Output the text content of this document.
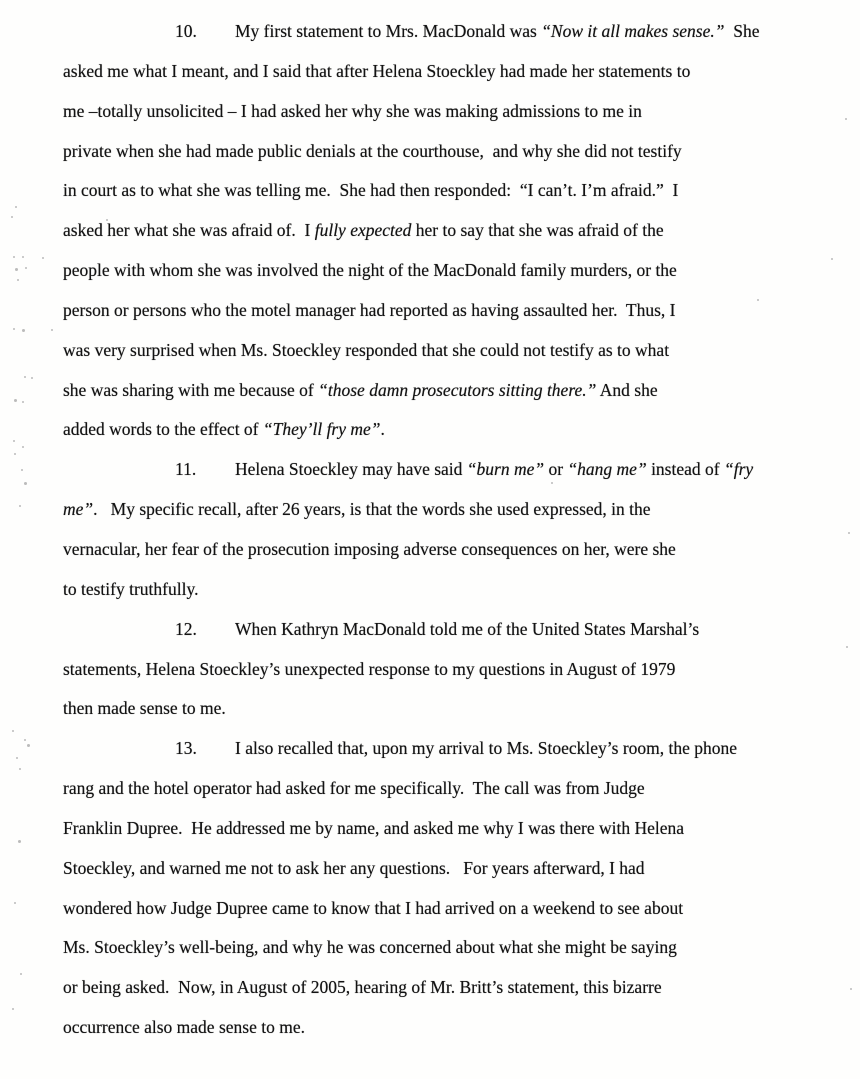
10. My first statement to Mrs. MacDonald was “Now it all makes sense.”  She
asked me what I meant, and I said that after Helena Stoeckley had made her statements to
me –totally unsolicited – I had asked her why she was making admissions to me in
private when she had made public denials at the courthouse,  and why she did not testify
in court as to what she was telling me.  She had then responded:  “I can’t. I’m afraid.”  I
asked her what she was afraid of.  I fully expected her to say that she was afraid of the
people with whom she was involved the night of the MacDonald family murders, or the
person or persons who the motel manager had reported as having assaulted her.  Thus, I
was very surprised when Ms. Stoeckley responded that she could not testify as to what
she was sharing with me because of “those damn prosecutors sitting there.” And she
added words to the effect of “They’ll fry me”.
11. Helena Stoeckley may have said “burn me” or “hang me” instead of “fry
me”.   My specific recall, after 26 years, is that the words she used expressed, in the
vernacular, her fear of the prosecution imposing adverse consequences on her, were she
to testify truthfully.
12. When Kathryn MacDonald told me of the United States Marshal’s
statements, Helena Stoeckley’s unexpected response to my questions in August of 1979
then made sense to me.
13. I also recalled that, upon my arrival to Ms. Stoeckley’s room, the phone
rang and the hotel operator had asked for me specifically.  The call was from Judge
Franklin Dupree.  He addressed me by name, and asked me why I was there with Helena
Stoeckley, and warned me not to ask her any questions.   For years afterward, I had
wondered how Judge Dupree came to know that I had arrived on a weekend to see about
Ms. Stoeckley’s well-being, and why he was concerned about what she might be saying
or being asked.  Now, in August of 2005, hearing of Mr. Britt’s statement, this bizarre
occurrence also made sense to me.
